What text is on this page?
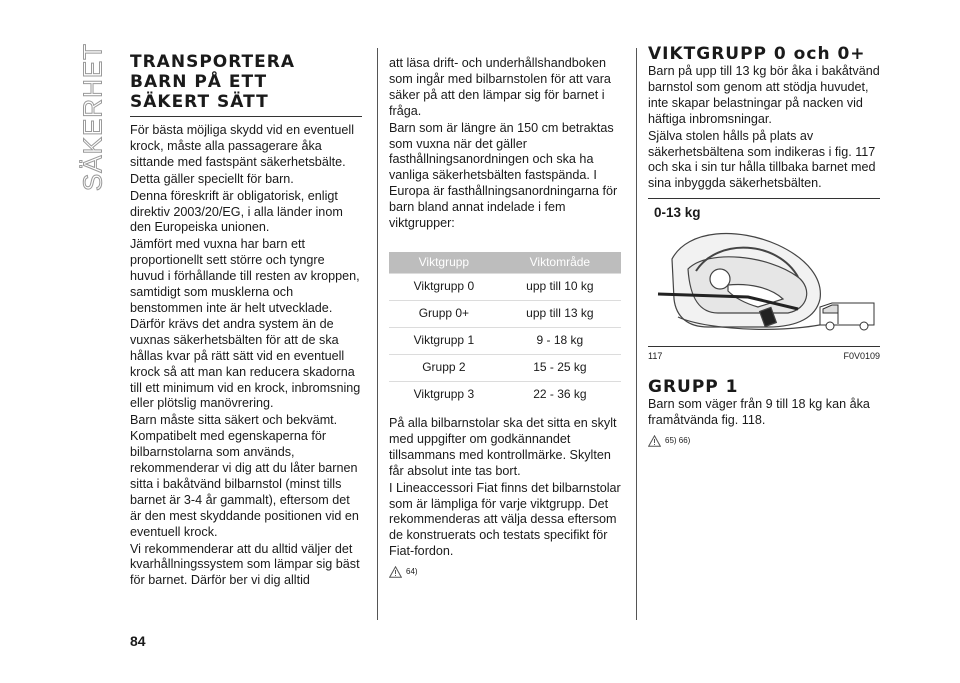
SÄKERHET TRANSPORTERA
BARN PÅ ETT
SÄKERT SÄTT

För bästa möjliga skydd vid en eventuell krock, måste alla passagerare åka sittande med fastspänt säkerhetsbälte.

Detta gäller speciellt för barn.

Denna föreskrift är obligatorisk, enligt direktiv 2003/20/EG, i alla länder inom den Europeiska unionen.

Jämfört med vuxna har barn ett proportionellt sett större och tyngre huvud i förhållande till resten av kroppen, samtidigt som musklerna och benstommen inte är helt utvecklade. Därför krävs det andra system än de vuxnas säkerhetsbälten för att de ska hållas kvar på rätt sätt vid en eventuell krock så att man kan reducera skadorna till ett minimum vid en krock, inbromsning eller plötslig manövrering.

Barn måste sitta säkert och bekvämt. Kompatibelt med egenskaperna för bilbarnstolarna som används, rekommenderar vi dig att du låter barnen sitta i bakåtvänd bilbarnstol (minst tills barnet är 3-4 år gammalt), eftersom det är den mest skyddande positionen vid en eventuell krock.

Vi rekommenderar att du alltid väljer det kvarhållningssystem som lämpar sig bäst för barnet. Därför ber vi dig alltid

att läsa drift- och underhållshandboken som ingår med bilbarnstolen för att vara säker på att den lämpar sig för barnet i fråga.

Barn som är längre än 150 cm betraktas som vuxna när det gäller fasthållningsanordningen och ska ha vanliga säkerhetsbälten fastspända. I Europa är fasthållningsanordningarna för barn bland annat indelade i fem viktgrupper:

Viktgrupp	Viktområde
Viktgrupp 0	upp till 10 kg
Grupp 0+	upp till 13 kg
Viktgrupp 1	9 - 18 kg
Grupp 2	15 - 25 kg
Viktgrupp 3	22 - 36 kg

På alla bilbarnstolar ska det sitta en skylt med uppgifter om godkännandet tillsammans med kontrollmärke. Skylten får absolut inte tas bort.

I Lineaccessori Fiat finns det bilbarnstolar som är lämpliga för varje viktgrupp. Det rekommenderas att välja dessa eftersom de konstruerats och testats specifikt för Fiat-fordon.

64)
VIKTGRUPP 0 och 0+

Barn på upp till 13 kg bör åka i bakåtvänd barnstol som genom att stödja huvudet, inte skapar belastningar på nacken vid häftiga inbromsningar.

Själva stolen hålls på plats av säkerhetsbältena som indikeras i fig. 117 och ska i sin tur hålla tillbaka barnet med sina inbyggda säkerhetsbälten.

0-13 kg
117	F0V0109
GRUPP 1

Barn som väger från 9 till 18 kg kan åka framåtvända fig. 118.

65) 66)
84
